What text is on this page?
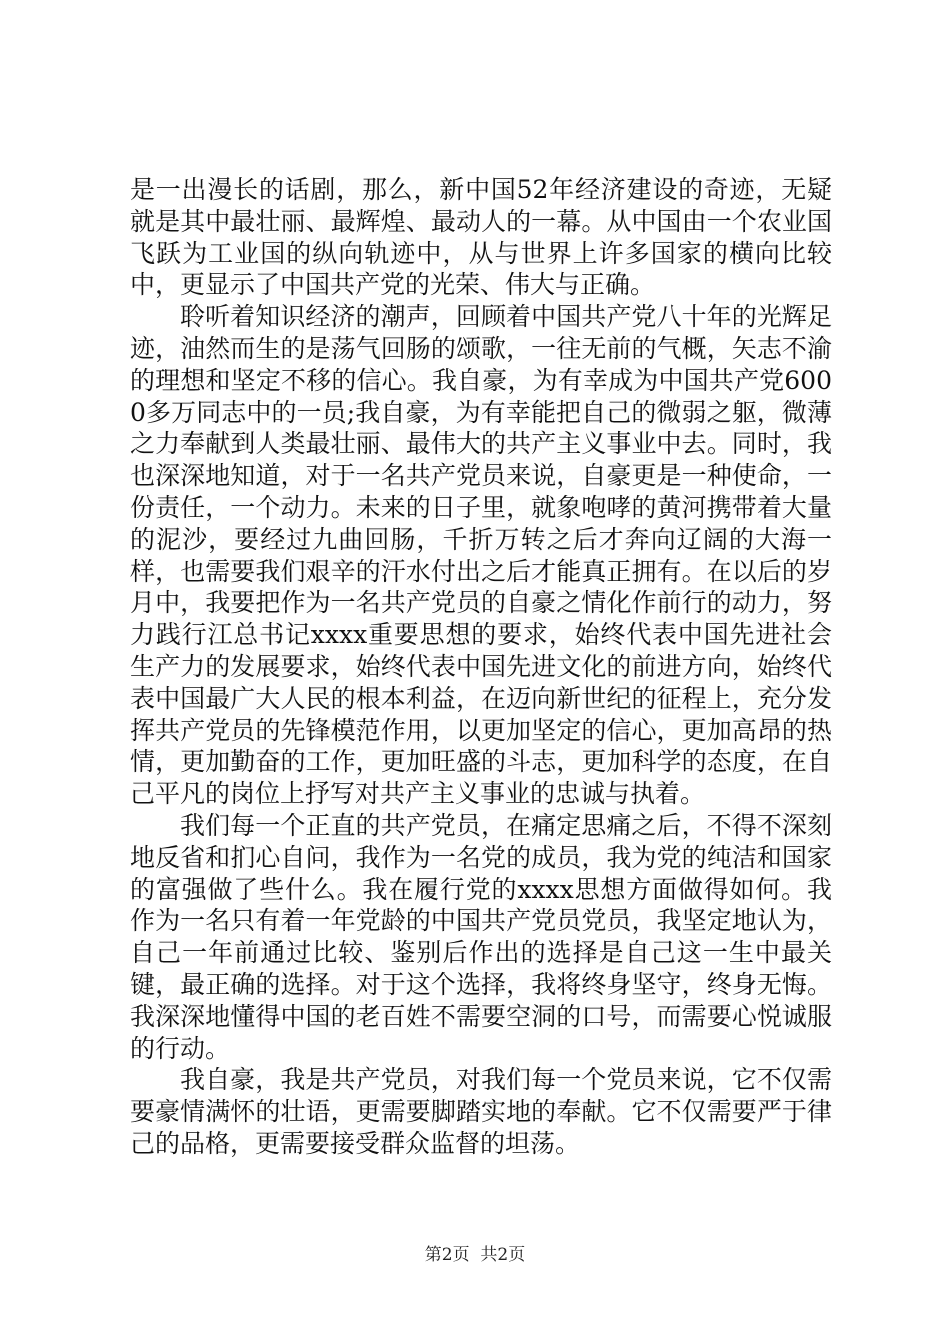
是一出漫长的话剧，那么，新中国52年经济建设的奇迹，无疑就是其中最壮丽、最辉煌、最动人的一幕。从中国由一个农业国飞跃为工业国的纵向轨迹中，从与世界上许多国家的横向比较中，更显示了中国共产党的光荣、伟大与正确。

聆听着知识经济的潮声，回顾着中国共产党八十年的光辉足迹，油然而生的是荡气回肠的颂歌，一往无前的气概，矢志不渝的理想和坚定不移的信心。我自豪，为有幸成为中国共产党6000多万同志中的一员;我自豪，为有幸能把自己的微弱之躯，微薄之力奉献到人类最壮丽、最伟大的共产主义事业中去。同时，我也深深地知道，对于一名共产党员来说，自豪更是一种使命，一份责任，一个动力。未来的日子里，就象咆哮的黄河携带着大量的泥沙，要经过九曲回肠，千折万转之后才奔向辽阔的大海一样，也需要我们艰辛的汗水付出之后才能真正拥有。在以后的岁月中，我要把作为一名共产党员的自豪之情化作前行的动力，努力践行江总书记xxxx重要思想的要求，始终代表中国先进社会生产力的发展要求，始终代表中国先进文化的前进方向，始终代表中国最广大人民的根本利益，在迈向新世纪的征程上，充分发挥共产党员的先锋模范作用，以更加坚定的信心，更加高昂的热情，更加勤奋的工作，更加旺盛的斗志，更加科学的态度，在自己平凡的岗位上抒写对共产主义事业的忠诚与执着。

我们每一个正直的共产党员，在痛定思痛之后，不得不深刻地反省和扪心自问，我作为一名党的成员，我为党的纯洁和国家的富强做了些什么。我在履行党的xxxx思想方面做得如何。我作为一名只有着一年党龄的中国共产党员党员，我坚定地认为，自己一年前通过比较、鉴别后作出的选择是自己这一生中最关键，最正确的选择。对于这个选择，我将终身坚守，终身无悔。我深深地懂得中国的老百姓不需要空洞的口号，而需要心悦诚服的行动。

我自豪，我是共产党员，对我们每一个党员来说，它不仅需要豪情满怀的壮语，更需要脚踏实地的奉献。它不仅需要严于律己的品格，更需要接受群众监督的坦荡。

第2页  共2页
